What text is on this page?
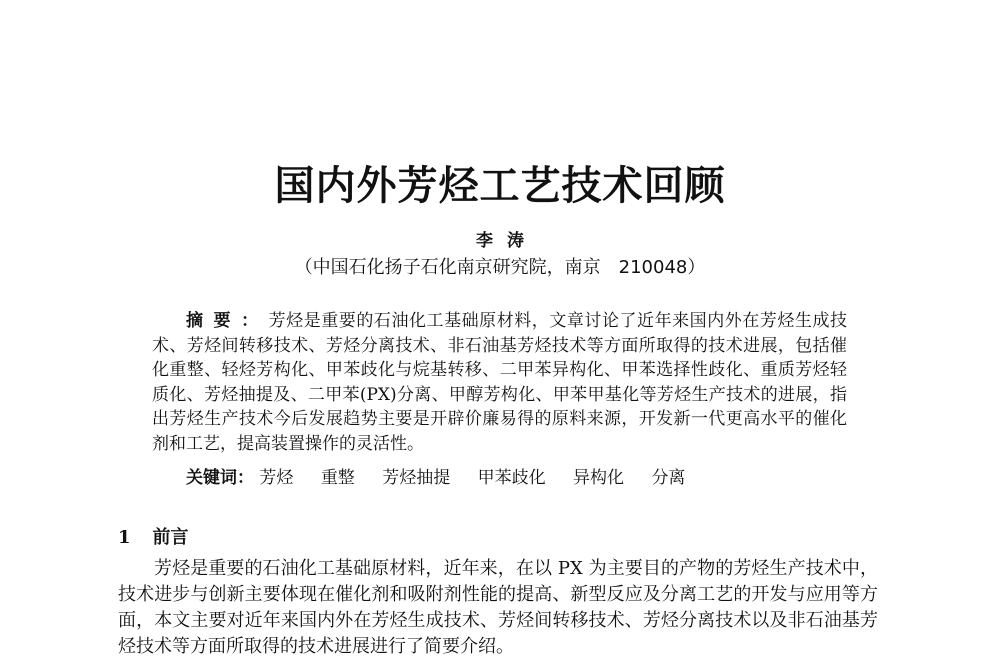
国内外芳烃工艺技术回顾
李涛
（中国石化扬子石化南京研究院，南京　210048）
摘要：芳烃是重要的石油化工基础原材料，文章讨论了近年来国内外在芳烃生成技术、芳烃间转移技术、芳烃分离技术、非石油基芳烃技术等方面所取得的技术进展，包括催化重整、轻烃芳构化、甲苯歧化与烷基转移、二甲苯异构化、甲苯选择性歧化、重质芳烃轻质化、芳烃抽提及、二甲苯(PX)分离、甲醇芳构化、甲苯甲基化等芳烃生产技术的进展，指出芳烃生产技术今后发展趋势主要是开辟价廉易得的原料来源，开发新一代更高水平的催化剂和工艺，提高装置操作的灵活性。
关键词： 芳烃 重整 芳烃抽提 甲苯歧化 异构化 分离
1 前言
芳烃是重要的石油化工基础原材料，近年来，在以 PX 为主要目的产物的芳烃生产技术中，技术进步与创新主要体现在催化剂和吸附剂性能的提高、新型反应及分离工艺的开发与应用等方面，本文主要对近年来国内外在芳烃生成技术、芳烃间转移技术、芳烃分离技术以及非石油基芳烃技术等方面所取得的技术进展进行了简要介绍。
